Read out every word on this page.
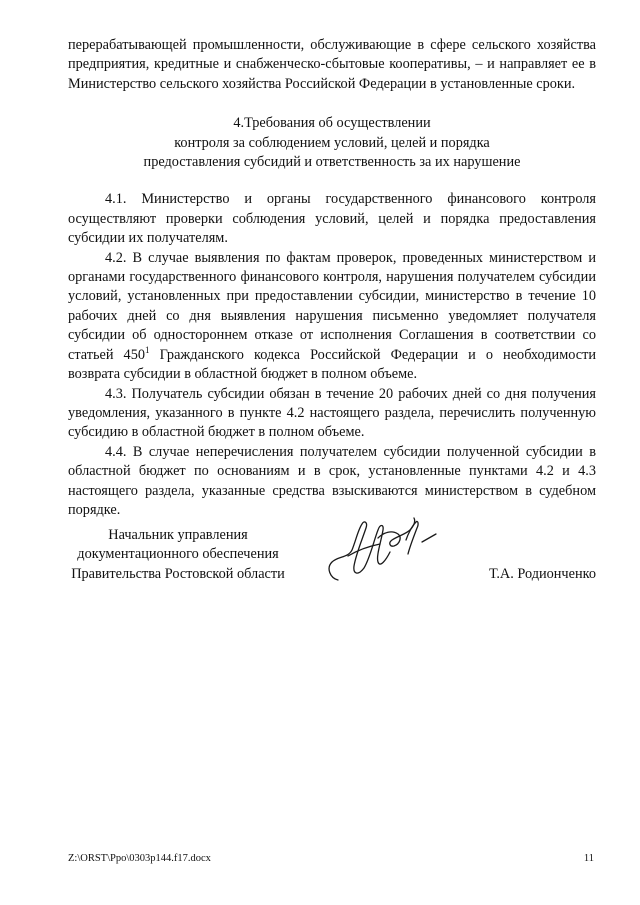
перерабатывающей промышленности, обслуживающие в сфере сельского хозяйства предприятия, кредитные и снабженческо-сбытовые кооперативы, – и направляет ее в Министерство сельского хозяйства Российской Федерации в установленные сроки.

4.Требования об осуществлении
контроля за соблюдением условий, целей и порядка
предоставления субсидий и ответственность за их нарушение

4.1. Министерство и органы государственного финансового контроля осуществляют проверки соблюдения условий, целей и порядка предоставления субсидии их получателям.

4.2. В случае выявления по фактам проверок, проведенных министерством и органами государственного финансового контроля, нарушения получателем субсидии условий, установленных при предоставлении субсидии, министерство в течение 10 рабочих дней со дня выявления нарушения письменно уведомляет получателя субсидии об одностороннем отказе от исполнения Соглашения в соответствии со статьей $450^1$ Гражданского кодекса Российской Федерации и о необходимости возврата субсидии в областной бюджет в полном объеме.

4.3. Получатель субсидии обязан в течение 20 рабочих дней со дня получения уведомления, указанного в пункте 4.2 настоящего раздела, перечислить полученную субсидию в областной бюджет в полном объеме.

4.4. В случае неперечисления получателем субсидии полученной субсидии в областной бюджет по основаниям и в срок, установленные пунктами 4.2 и 4.3 настоящего раздела, указанные средства взыскиваются министерством в судебном порядке.

Начальник управления
документационного обеспечения
Правительства Ростовской области	Т.А. Родионченко
Z:\ORST\Ppo\0303p144.f17.docx	11
